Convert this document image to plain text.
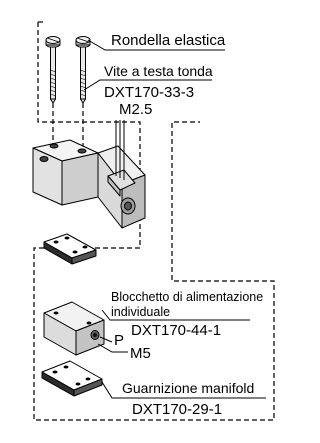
Rondella elastica
Vite a testa tonda
DXT170-33-3
M2.5
Blocchetto di alimentazione
individuale
DXT170-44-1
P
M5
Guarnizione manifold
DXT170-29-1
